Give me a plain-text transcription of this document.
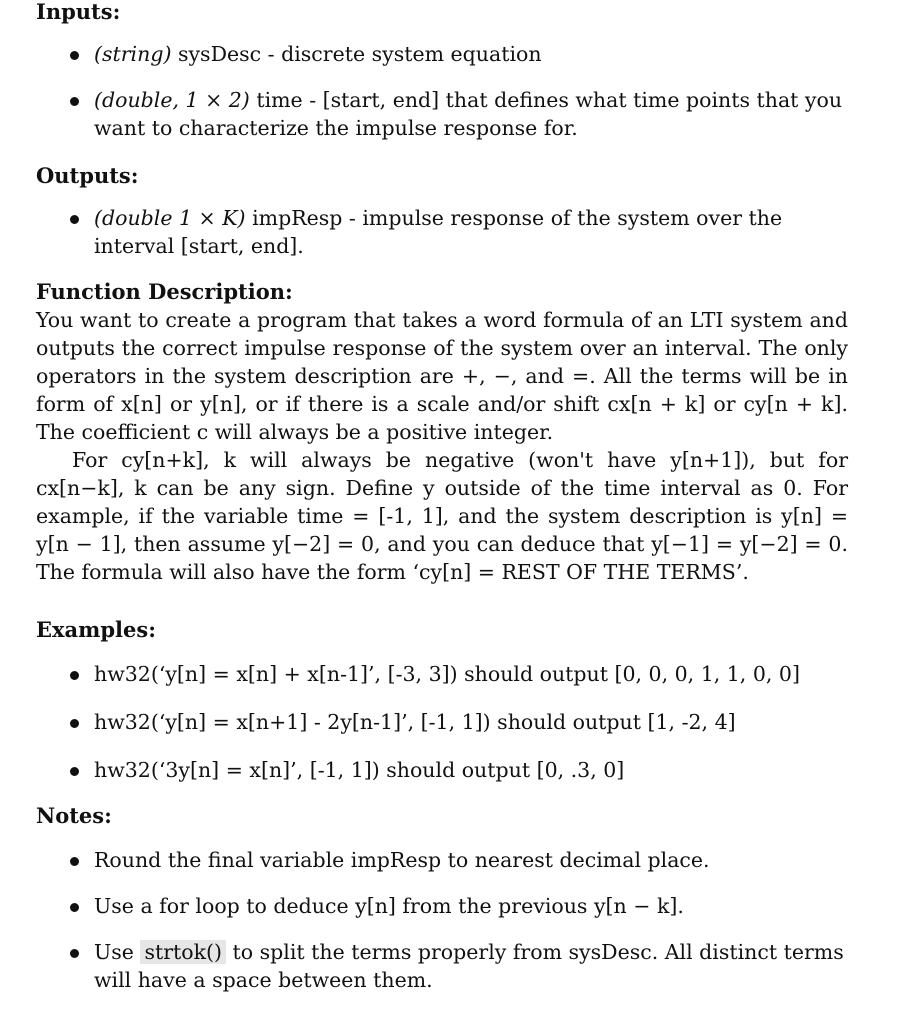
Inputs:
(string) sysDesc - discrete system equation
(double, 1 × 2) time - [start, end] that defines what time points that you want to characterize the impulse response for.
Outputs:
(double 1 × K) impResp - impulse response of the system over the interval [start, end].
Function Description:

You want to create a program that takes a word formula of an LTI system and outputs the correct impulse response of the system over an interval. The only operators in the system description are +, −, and =. All the terms will be in form of x[n] or y[n], or if there is a scale and/or shift cx[n + k] or cy[n + k]. The coefficient c will always be a positive integer.

For cy[n+k], k will always be negative (won't have y[n+1]), but for cx[n−k], k can be any sign. Define y outside of the time interval as 0. For example, if the variable time = [-1, 1], and the system description is y[n] = y[n − 1], then assume y[−2] = 0, and you can deduce that y[−1] = y[−2] = 0. The formula will also have the form ‘cy[n] = REST OF THE TERMS’.

Examples:
hw32(‘y[n] = x[n] + x[n-1]’, [-3, 3]) should output [0, 0, 0, 1, 1, 0, 0]
hw32(‘y[n] = x[n+1] - 2y[n-1]’, [-1, 1]) should output [1, -2, 4]
hw32(‘3y[n] = x[n]’, [-1, 1]) should output [0, .3, 0]
Notes:
Round the final variable impResp to nearest decimal place.
Use a for loop to deduce y[n] from the previous y[n − k].
Use strtok() to split the terms properly from sysDesc. All distinct terms will have a space between them.
